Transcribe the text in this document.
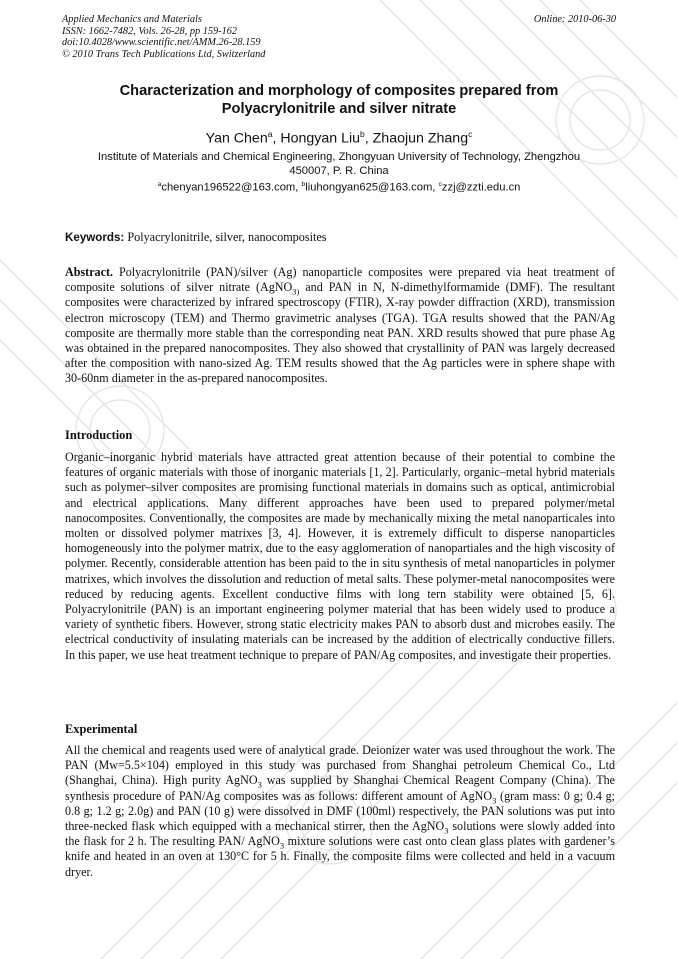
Applied Mechanics and Materials
ISSN: 1662-7482, Vols. 26-28, pp 159-162
doi:10.4028/www.scientific.net/AMM.26-28.159
© 2010 Trans Tech Publications Ltd, Switzerland
Online: 2010-06-30
Characterization and morphology of composites prepared from
Polyacrylonitrile and silver nitrate
Yan Chen$^a$, Hongyan Liu$^b$, Zhaojun Zhang$^c$
Institute of Materials and Chemical Engineering, Zhongyuan University of Technology, Zhengzhou
450007, P. R. China
$^a$chenyan196522@163.com, $^b$liuhongyan625@163.com, $^c$zzj@zzti.edu.cn
Keywords: Polyacrylonitrile, silver, nanocomposites
Abstract. Polyacrylonitrile (PAN)/silver (Ag) nanoparticle composites were prepared via heat treatment of composite solutions of silver nitrate (AgNO$_{3)}$ and PAN in N, N-dimethylformamide (DMF). The resultant composites were characterized by infrared spectroscopy (FTIR), X-ray powder diffraction (XRD), transmission electron microscopy (TEM) and Thermo gravimetric analyses (TGA). TGA results showed that the PAN/Ag composite are thermally more stable than the corresponding neat PAN. XRD results showed that pure phase Ag was obtained in the prepared nanocomposites. They also showed that crystallinity of PAN was largely decreased after the composition with nano-sized Ag. TEM results showed that the Ag particles were in sphere shape with 30-60nm diameter in the as-prepared nanocomposites.
Introduction
Organic–inorganic hybrid materials have attracted great attention because of their potential to combine the features of organic materials with those of inorganic materials [1, 2]. Particularly, organic–metal hybrid materials such as polymer–silver composites are promising functional materials in domains such as optical, antimicrobial and electrical applications. Many different approaches have been used to prepared polymer/metal nanocomposites. Conventionally, the composites are made by mechanically mixing the metal nanoparticales into molten or dissolved polymer matrixes [3, 4]. However, it is extremely difficult to disperse nanoparticles homogeneously into the polymer matrix, due to the easy agglomeration of nanopartiales and the high viscosity of polymer. Recently, considerable attention has been paid to the in situ synthesis of metal nanoparticles in polymer matrixes, which involves the dissolution and reduction of metal salts. These polymer-metal nanocomposites were reduced by reducing agents. Excellent conductive films with long tern stability were obtained [5, 6]. Polyacrylonitrile (PAN) is an important engineering polymer material that has been widely used to produce a variety of synthetic fibers. However, strong static electricity makes PAN to absorb dust and microbes easily. The electrical conductivity of insulating materials can be increased by the addition of electrically conductive fillers. In this paper, we use heat treatment technique to prepare of PAN/Ag composites, and investigate their properties.
Experimental
All the chemical and reagents used were of analytical grade. Deionizer water was used throughout the work. The PAN (Mw=5.5×104) employed in this study was purchased from Shanghai petroleum Chemical Co., Ltd (Shanghai, China). High purity AgNO$_3$ was supplied by Shanghai Chemical Reagent Company (China). The synthesis procedure of PAN/Ag composites was as follows: different amount of AgNO$_3$ (gram mass: 0 g; 0.4 g; 0.8 g; 1.2 g; 2.0g) and PAN (10 g) were dissolved in DMF (100ml) respectively, the PAN solutions was put into three-necked flask which equipped with a mechanical stirrer, then the AgNO$_3$ solutions were slowly added into the flask for 2 h. The resulting PAN/ AgNO$_3$ mixture solutions were cast onto clean glass plates with gardener’s knife and heated in an oven at 130°C for 5 h. Finally, the composite films were collected and held in a vacuum dryer.
